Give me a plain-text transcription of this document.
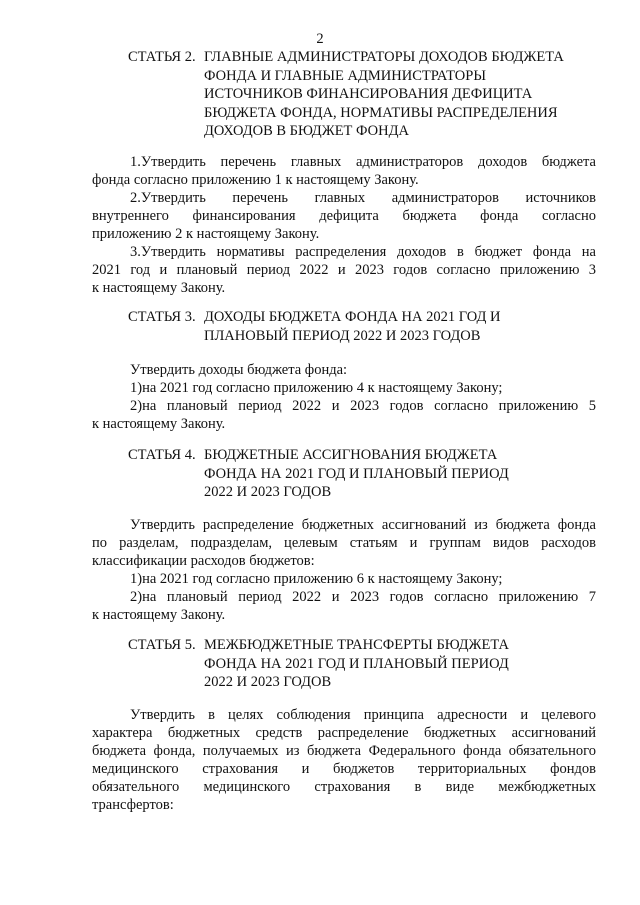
2
СТАТЬЯ 2. ГЛАВНЫЕ АДМИНИСТРАТОРЫ ДОХОДОВ БЮДЖЕТА
ФОНДА И ГЛАВНЫЕ АДМИНИСТРАТОРЫ
ИСТОЧНИКОВ ФИНАНСИРОВАНИЯ ДЕФИЦИТА
БЮДЖЕТА ФОНДА, НОРМАТИВЫ РАСПРЕДЕЛЕНИЯ
ДОХОДОВ В БЮДЖЕТ ФОНДА
1.Утвердить перечень главных администраторов доходов бюджета
фонда согласно приложению 1 к настоящему Закону.
2.Утвердить перечень главных администраторов источников
внутреннего финансирования дефицита бюджета фонда согласно
приложению 2 к настоящему Закону.
3.Утвердить нормативы распределения доходов в бюджет фонда на
2021 год и плановый период 2022 и 2023 годов согласно приложению 3
к настоящему Закону.
СТАТЬЯ 3. ДОХОДЫ БЮДЖЕТА ФОНДА НА 2021 ГОД И
ПЛАНОВЫЙ ПЕРИОД 2022 И 2023 ГОДОВ
Утвердить доходы бюджета фонда:
1)на 2021 год согласно приложению 4 к настоящему Закону;
2)на плановый период 2022 и 2023 годов согласно приложению 5
к настоящему Закону.
СТАТЬЯ 4. БЮДЖЕТНЫЕ АССИГНОВАНИЯ БЮДЖЕТА
ФОНДА НА 2021 ГОД И ПЛАНОВЫЙ ПЕРИОД
2022 И 2023 ГОДОВ
Утвердить распределение бюджетных ассигнований из бюджета фонда
по разделам, подразделам, целевым статьям и группам видов расходов
классификации расходов бюджетов:
1)на 2021 год согласно приложению 6 к настоящему Закону;
2)на плановый период 2022 и 2023 годов согласно приложению 7
к настоящему Закону.
СТАТЬЯ 5. МЕЖБЮДЖЕТНЫЕ ТРАНСФЕРТЫ БЮДЖЕТА
ФОНДА НА 2021 ГОД И ПЛАНОВЫЙ ПЕРИОД
2022 И 2023 ГОДОВ
Утвердить в целях соблюдения принципа адресности и целевого
характера бюджетных средств распределение бюджетных ассигнований
бюджета фонда, получаемых из бюджета Федерального фонда обязательного
медицинского страхования и бюджетов территориальных фондов
обязательного медицинского страхования в виде межбюджетных
трансфертов:
